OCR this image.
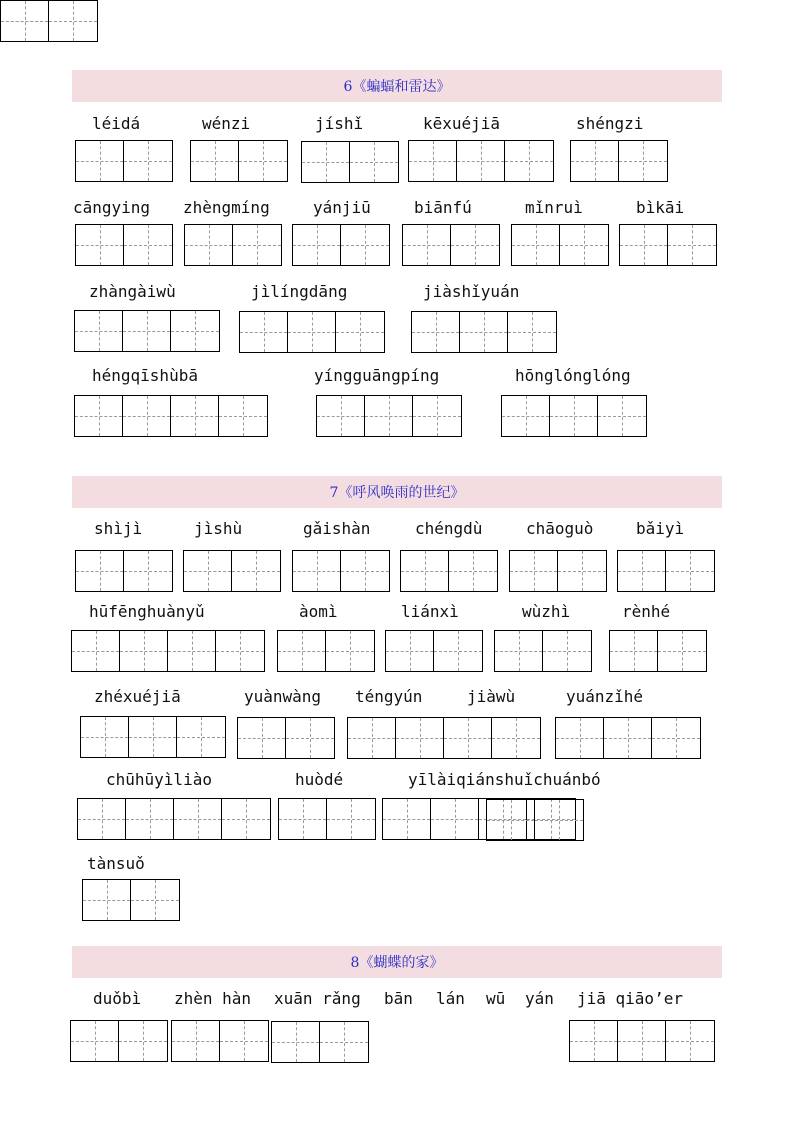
6《蝙蝠和雷达》
léidá	wénzi	jíshǐ	kēxuéjiā	shéngzi
cāngying zhèngmíng	yánjiū	biānfú	mǐnruì	bìkāi
zhàngàiwù	jìlíngdāng	jiàshǐyuán
héngqīshùbā	yíngguāngpíng	hōnglónglóng
7《呼风唤雨的世纪》
shìjì	jìshù	gǎishàn	chéngdù	chāoguò	bǎiyì
hūfēnghuànyǔ	àomì	liánxì	wùzhì	rènhé
zhéxuéjiā	yuànwàng téngyún	jiàwù	yuánzǐhé
chūhūyìliào	huòdé	yīlàiqiánshuǐchuánbó
tànsuǒ
8《蝴蝶的家》
duǒbì zhèn hàn xuān rǎng bān lán wū yán jiā qiāo’er
